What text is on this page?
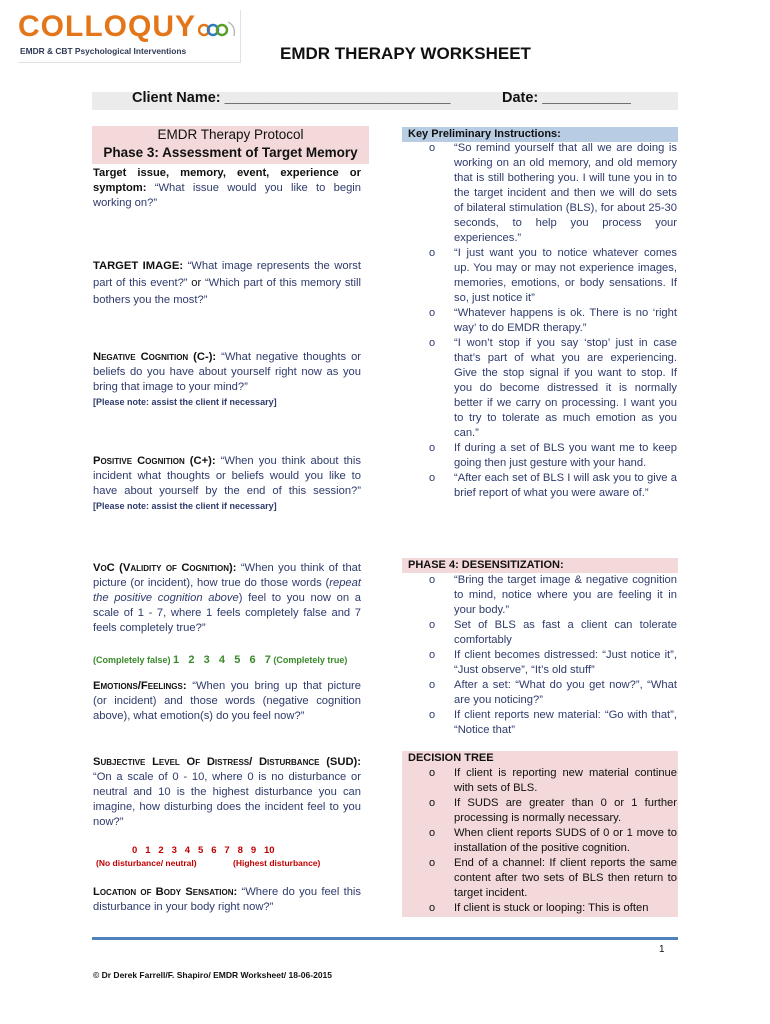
COLLOQUY
EMDR & CBT Psychological Interventions	EMDR THERAPY WORKSHEET
Client Name: ____________________________	Date: ___________
EMDR Therapy Protocol
Phase 3: Assessment of Target Memory
Target issue, memory, event, experience or symptom: “What issue would you like to begin working on?”
TARGET IMAGE: “What image represents the worst part of this event?” or “Which part of this memory still bothers you the most?”
Negative Cognition (C-): “What negative thoughts or beliefs do you have about yourself right now as you bring that image to your mind?”
[Please note: assist the client if necessary]
Positive Cognition (C+): “When you think about this incident what thoughts or beliefs would you like to have about yourself by the end of this session?” [Please note: assist the client if necessary]
VoC (Validity of Cognition): “When you think of that picture (or incident), how true do those words (repeat the positive cognition above) feel to you now on a scale of 1 - 7, where 1 feels completely false and 7 feels completely true?”
(Completely false) 1   2   3   4   5   6   7 (Completely true)
Emotions/Feelings: “When you bring up that picture (or incident) and those words (negative cognition above), what emotion(s) do you feel now?”
Subjective Level Of Distress/ Disturbance (SUD): “On a scale of 0 - 10, where 0 is no disturbance or neutral and 10 is the highest disturbance you can imagine, how disturbing does the incident feel to you now?”
0   1   2   3   4   5   6   7   8   9   10
(No disturbance/ neutral)	(Highest disturbance)
Location of Body Sensation: “Where do you feel this disturbance in your body right now?”
Key Preliminary Instructions:
o “So remind yourself that all we are doing is working on an old memory, and old memory that is still bothering you. I will tune you in to the target incident and then we will do sets of bilateral stimulation (BLS), for about 25-30 seconds, to help you process your experiences.”
o “I just want you to notice whatever comes up. You may or may not experience images, memories, emotions, or body sensations. If so, just notice it”
o “Whatever happens is ok. There is no ‘right way’ to do EMDR therapy.”
o “I won’t stop if you say ‘stop’ just in case that’s part of what you are experiencing. Give the stop signal if you want to stop. If you do become distressed it is normally better if we carry on processing. I want you to try to tolerate as much emotion as you can.”
o If during a set of BLS you want me to keep going then just gesture with your hand.
o “After each set of BLS I will ask you to give a brief report of what you were aware of.”
PHASE 4: DESENSITIZATION:
o “Bring the target image & negative cognition to mind, notice where you are feeling it in your body.”
o Set of BLS as fast a client can tolerate comfortably
o If client becomes distressed: “Just notice it”, “Just observe”, “It’s old stuff”
o After a set: “What do you get now?”, “What are you noticing?”
o If client reports new material: “Go with that”, “Notice that”
DECISION TREE
o If client is reporting new material continue with sets of BLS.
o If SUDS are greater than 0 or 1 further processing is normally necessary.
o When client reports SUDS of 0 or 1 move to installation of the positive cognition.
o End of a channel: If client reports the same content after two sets of BLS then return to target incident.
o If client is stuck or looping: This is often
1
© Dr Derek Farrell/F. Shapiro/ EMDR Worksheet/ 18-06-2015
